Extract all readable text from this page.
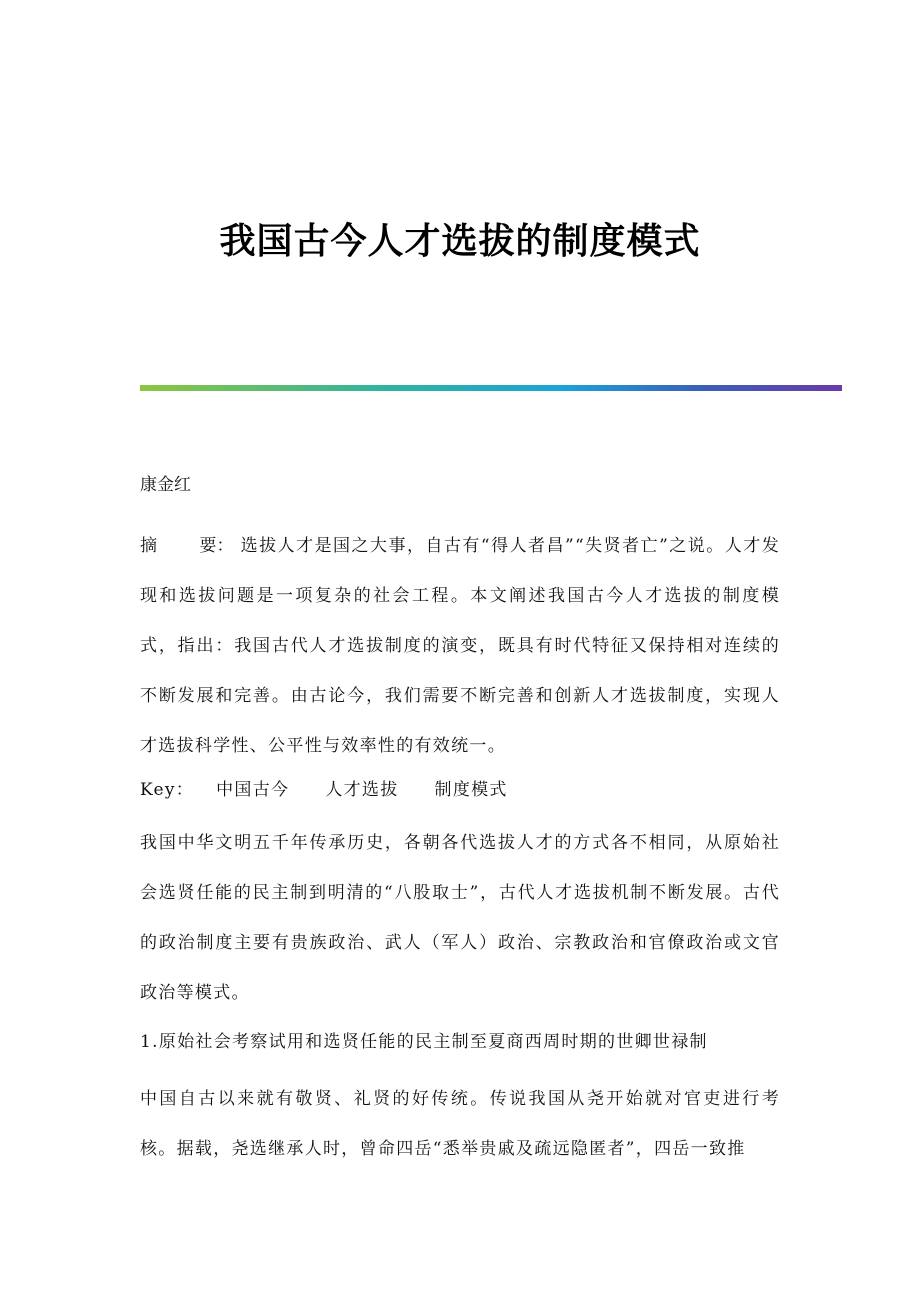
我国古今人才选拔的制度模式
康金红

摘 要： 选拔人才是国之大事，自古有“得人者昌”“失贤者亡”之说。人才发现和选拔问题是一项复杂的社会工程。本文阐述我国古今人才选拔的制度模式，指出：我国古代人才选拔制度的演变，既具有时代特征又保持相对连续的不断发展和完善。由古论今，我们需要不断完善和创新人才选拔制度，实现人才选拔科学性、公平性与效率性的有效统一。

Key： 中国古今 人才选拔 制度模式

我国中华文明五千年传承历史，各朝各代选拔人才的方式各不相同，从原始社会选贤任能的民主制到明清的“八股取士”，古代人才选拔机制不断发展。古代的政治制度主要有贵族政治、武人（军人）政治、宗教政治和官僚政治或文官政治等模式。

1.原始社会考察试用和选贤任能的民主制至夏商西周时期的世卿世禄制

中国自古以来就有敬贤、礼贤的好传统。传说我国从尧开始就对官吏进行考核。据载，尧选继承人时，曾命四岳“悉举贵戚及疏远隐匿者”，四岳一致推
